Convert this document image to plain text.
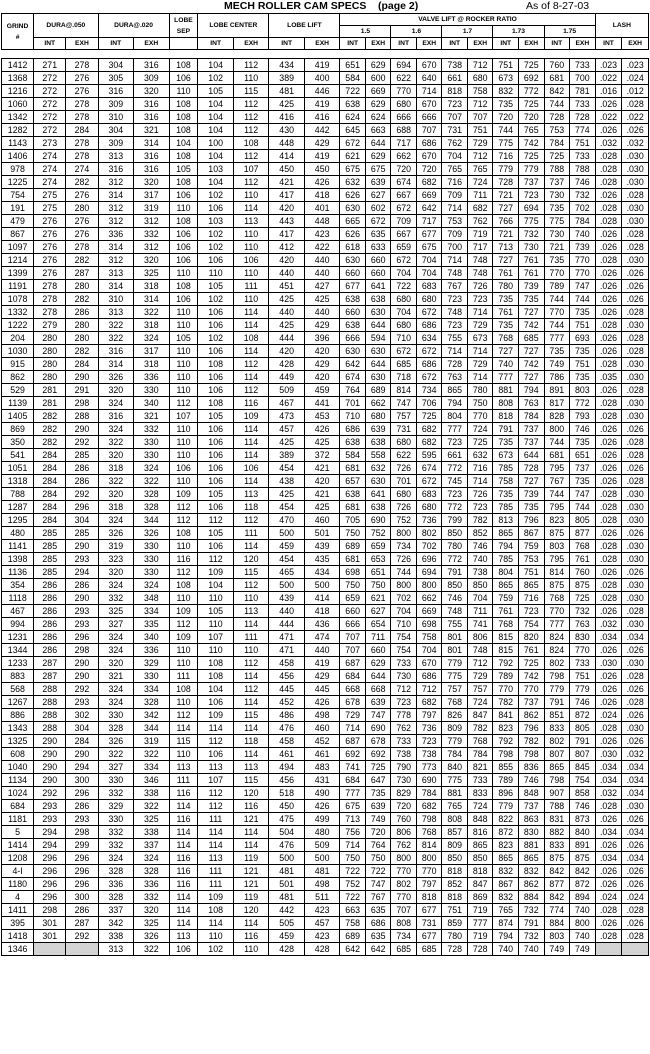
MECH ROLLER CAM SPECS (page 2)	As of 8-27-03
GRIND
#	DURA@.050		DURA@.020		LOBE
SEP	LOBE CENTER		LOBE LIFT		VALVE LIFT @ ROCKER RATIO										LASH	
										1.5		1.6		1.7		1.73		1.75			
	INT	EXH	INT	EXH		INT	EXH	INT	EXH	INT	EXH	INT	EXH	INT	EXH	INT	EXH	INT	EXH	INT	EXH

1412	271	278	304	316	108	104	112	434	419	651	629	694	670	738	712	751	725	760	733	.023	.023
1368	272	276	305	309	106	102	110	389	400	584	600	622	640	661	680	673	692	681	700	.022	.024
1216	272	276	316	320	110	105	115	481	446	722	669	770	714	818	758	832	772	842	781	.016	.012
1060	272	278	309	316	108	104	112	425	419	638	629	680	670	723	712	735	725	744	733	.026	.028
1342	272	278	310	316	108	104	112	416	416	624	624	666	666	707	707	720	720	728	728	.022	.022
1282	272	284	304	321	108	104	112	430	442	645	663	688	707	731	751	744	765	753	774	.026	.026
1143	273	278	309	314	104	100	108	448	429	672	644	717	686	762	729	775	742	784	751	.032	.032
1406	274	278	313	316	108	104	112	414	419	621	629	662	670	704	712	716	725	725	733	.028	.030
978	274	274	316	316	105	103	107	450	450	675	675	720	720	765	765	779	779	788	788	.028	.030
1225	274	282	312	320	108	104	112	421	426	632	639	674	682	716	724	728	737	737	746	.028	.030
754	275	276	314	317	106	102	110	417	418	626	627	667	669	709	711	721	723	730	732	.026	.028
191	275	280	312	319	110	106	114	420	401	630	602	672	642	714	682	727	694	735	702	.028	.030
479	276	276	312	312	108	103	113	443	448	665	672	709	717	753	762	766	775	775	784	.028	.030
867	276	276	336	332	106	102	110	417	423	626	635	667	677	709	719	721	732	730	740	.026	.028
1097	276	278	314	312	106	102	110	412	422	618	633	659	675	700	717	713	730	721	739	.026	.028
1214	276	282	312	320	106	106	106	420	440	630	660	672	704	714	748	727	761	735	770	.028	.030
1399	276	287	313	325	110	110	110	440	440	660	660	704	704	748	748	761	761	770	770	.026	.026
1191	278	280	314	318	108	105	111	451	427	677	641	722	683	767	726	780	739	789	747	.026	.026
1078	278	282	310	314	106	102	110	425	425	638	638	680	680	723	723	735	735	744	744	.026	.026
1332	278	286	313	322	110	106	114	440	440	660	630	704	672	748	714	761	727	770	735	.026	.028
1222	279	280	322	318	110	106	114	425	429	638	644	680	686	723	729	735	742	744	751	.028	.030
204	280	280	322	324	105	102	108	444	396	666	594	710	634	755	673	768	685	777	693	.026	.028
1030	280	282	316	317	110	106	114	420	420	630	630	672	672	714	714	727	727	735	735	.026	.028
915	280	284	314	318	110	108	112	428	429	642	644	685	686	728	729	740	742	749	751	.028	.030
862	280	290	326	336	110	106	114	449	420	674	630	718	672	763	714	777	727	786	735	.035	.030
529	281	291	320	330	110	106	112	509	459	764	689	814	734	865	780	881	794	891	803	.026	.028
1139	281	298	324	340	112	108	116	467	441	701	662	747	706	794	750	808	763	817	772	.028	.030
1405	282	288	316	321	107	105	109	473	453	710	680	757	725	804	770	818	784	828	793	.028	.030
869	282	290	324	332	110	106	114	457	426	686	639	731	682	777	724	791	737	800	746	.026	.026
350	282	292	322	330	110	106	114	425	425	638	638	680	682	723	725	735	737	744	735	.026	.028
541	284	285	320	330	110	106	114	389	372	584	558	622	595	661	632	673	644	681	651	.026	.028
1051	284	286	318	324	106	106	106	454	421	681	632	726	674	772	716	785	728	795	737	.026	.026
1318	284	286	322	322	110	106	114	438	420	657	630	701	672	745	714	758	727	767	735	.026	.028
788	284	292	320	328	109	105	113	425	421	638	641	680	683	723	726	735	739	744	747	.028	.030
1287	284	296	318	328	112	106	118	454	425	681	638	726	680	772	723	785	735	795	744	.028	.030
1295	284	304	324	344	112	112	112	470	460	705	690	752	736	799	782	813	796	823	805	.028	.030
480	285	285	326	326	108	105	111	500	501	750	752	800	802	850	852	865	867	875	877	.026	.026
1141	285	290	319	330	110	106	114	459	439	689	659	734	702	780	746	794	759	803	768	.028	.030
1398	285	293	323	330	116	112	120	454	435	681	653	726	696	772	740	785	753	795	761	.028	.030
1136	285	294	320	330	112	109	115	465	434	698	651	744	694	791	738	804	751	814	760	.026	.026
354	286	286	324	324	108	104	112	500	500	750	750	800	800	850	850	865	865	875	875	.028	.030
1118	286	290	332	348	110	110	110	439	414	659	621	702	662	746	704	759	716	768	725	.028	.030
467	286	293	325	334	109	105	113	440	418	660	627	704	669	748	711	761	723	770	732	.026	.028
994	286	293	327	335	112	110	114	444	436	666	654	710	698	755	741	768	754	777	763	.032	.030
1231	286	296	324	340	109	107	111	471	474	707	711	754	758	801	806	815	820	824	830	.034	.034
1344	286	298	324	336	110	110	110	471	440	707	660	754	704	801	748	815	761	824	770	.026	.026
1233	287	290	320	329	110	108	112	458	419	687	629	733	670	779	712	792	725	802	733	.030	.030
883	287	290	321	330	111	108	114	456	429	684	644	730	686	775	729	789	742	798	751	.026	.028
568	288	292	324	334	108	104	112	445	445	668	668	712	712	757	757	770	770	779	779	.026	.026
1267	288	293	324	328	110	106	114	452	426	678	639	723	682	768	724	782	737	791	746	.026	.028
886	288	302	330	342	112	109	115	486	498	729	747	778	797	826	847	841	862	851	872	.024	.026
1343	288	304	328	344	114	114	114	476	460	714	690	762	736	809	782	823	796	833	805	.028	.030
1325	290	284	326	319	115	112	118	458	452	687	678	733	723	779	768	792	782	802	791	.026	.026
608	290	290	322	322	110	106	114	461	461	692	692	738	738	784	784	798	798	807	807	.030	.032
1040	290	294	327	334	113	113	113	494	483	741	725	790	773	840	821	855	836	865	845	.034	.034
1134	290	300	330	346	111	107	115	456	431	684	647	730	690	775	733	789	746	798	754	.034	.034
1024	292	296	332	338	116	112	120	518	490	777	735	829	784	881	833	896	848	907	858	.032	.034
684	293	286	329	322	114	112	116	450	426	675	639	720	682	765	724	779	737	788	746	.028	.030
1181	293	293	330	325	116	111	121	475	499	713	749	760	798	808	848	822	863	831	873	.026	.026
5	294	298	332	338	114	114	114	504	480	756	720	806	768	857	816	872	830	882	840	.034	.034
1414	294	299	332	337	114	114	114	476	509	714	764	762	814	809	865	823	881	833	891	.026	.026
1208	296	296	324	324	116	113	119	500	500	750	750	800	800	850	850	865	865	875	875	.034	.034
4-I	296	296	328	328	116	111	121	481	481	722	722	770	770	818	818	832	832	842	842	.026	.026
1180	296	296	336	336	116	111	121	501	498	752	747	802	797	852	847	867	862	877	872	.026	.026
4	296	300	328	332	114	109	119	481	511	722	767	770	818	818	869	832	884	842	894	.024	.024
1411	298	286	337	320	114	108	120	442	423	663	635	707	677	751	719	765	732	774	740	.028	.028
395	301	287	342	325	114	114	114	505	457	758	686	808	731	859	777	874	791	884	800	.026	.026
1418	301	292	338	326	113	110	116	459	423	689	635	734	677	780	719	794	732	803	740	.028	.028
1346			313	322	106	102	110	428	428	642	642	685	685	728	728	740	740	749	749		
